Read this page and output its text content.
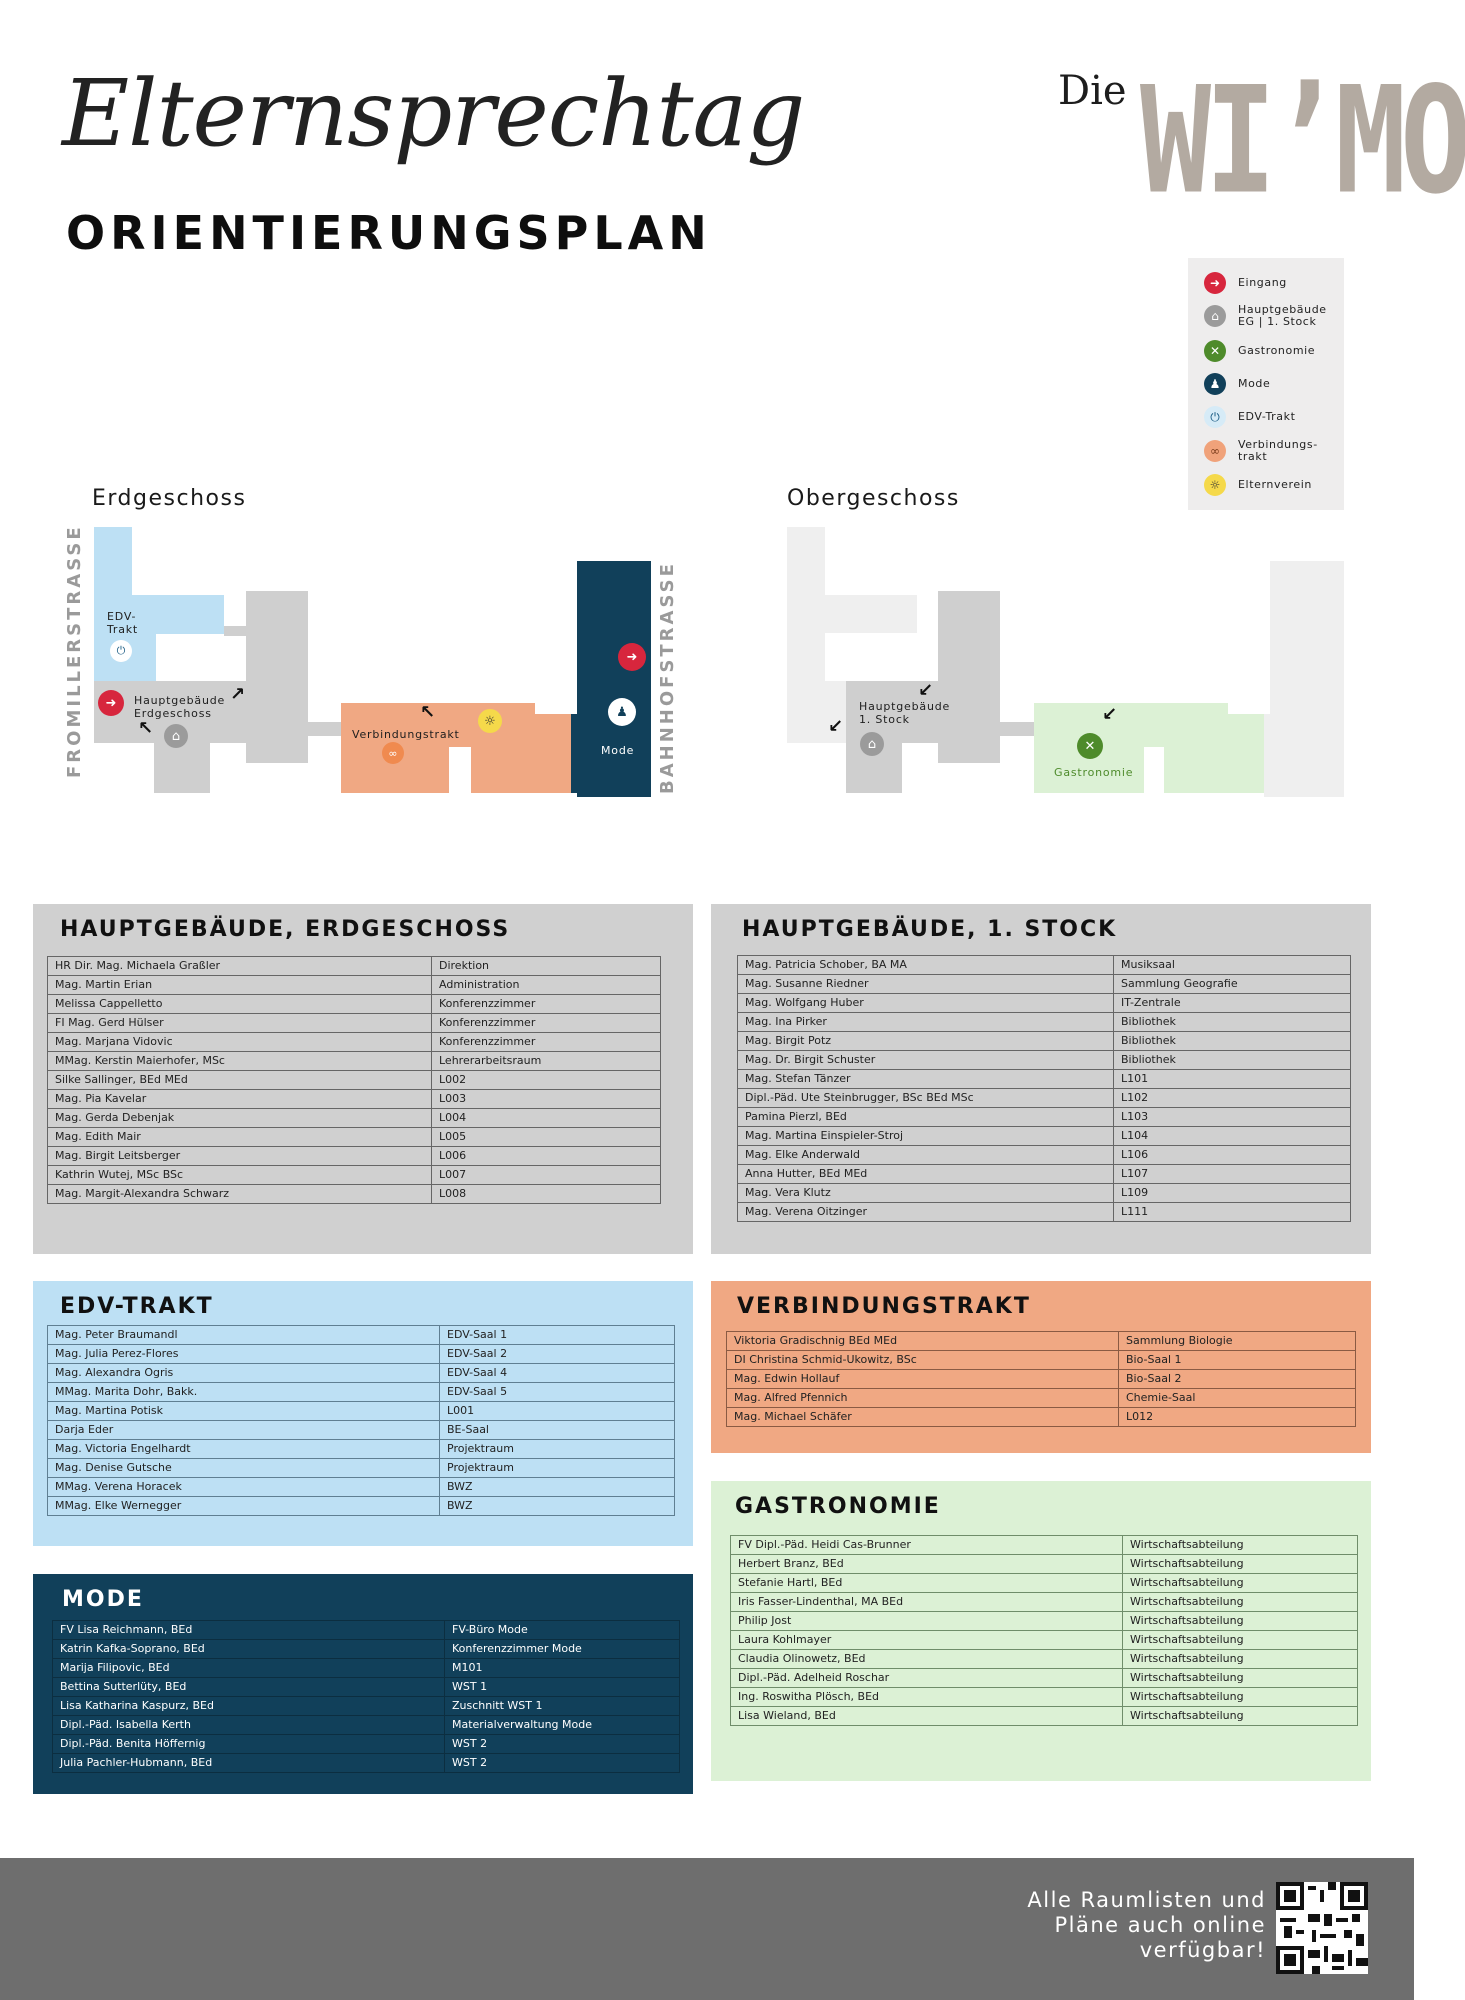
Elternsprechtag
ORIENTIERUNGSPLAN
Die WI’MO
➜	Eingang
⌂	Hauptgebäude
EG | 1. Stock
✕	Gastronomie
♟	Mode
⏻	EDV-Trakt
∞	Verbindungs-
trakt
☼	Elternverein
Erdgeschoss
FROMILLERSTRASSE	BAHNHOFSTRASSE
EDV-
Trakt
⏻
➜	Hauptgebäude
Erdgeschoss
↗
↖	⌂
↖	☼
Verbindungstrakt
∞
➜
♟
Mode
Obergeschoss
↙
Hauptgebäude
1. Stock
↙
⌂
↙
✕
Gastronomie
HAUPTGEBÄUDE, ERDGESCHOSS
HR Dir. Mag. Michaela Graßler	Direktion
Mag. Martin Erian	Administration
Melissa Cappelletto	Konferenzzimmer
FI Mag. Gerd Hülser	Konferenzzimmer
Mag. Marjana Vidovic	Konferenzzimmer
MMag. Kerstin Maierhofer, MSc	Lehrerarbeitsraum
Silke Sallinger, BEd MEd	L002
Mag. Pia Kavelar	L003
Mag. Gerda Debenjak	L004
Mag. Edith Mair	L005
Mag. Birgit Leitsberger	L006
Kathrin Wutej, MSc BSc	L007
Mag. Margit-Alexandra Schwarz	L008
HAUPTGEBÄUDE, 1. STOCK
Mag. Patricia Schober, BA MA	Musiksaal
Mag. Susanne Riedner	Sammlung Geografie
Mag. Wolfgang Huber	IT-Zentrale
Mag. Ina Pirker	Bibliothek
Mag. Birgit Potz	Bibliothek
Mag. Dr. Birgit Schuster	Bibliothek
Mag. Stefan Tänzer	L101
Dipl.-Päd. Ute Steinbrugger, BSc BEd MSc	L102
Pamina Pierzl, BEd	L103
Mag. Martina Einspieler-Stroj	L104
Mag. Elke Anderwald	L106
Anna Hutter, BEd MEd	L107
Mag. Vera Klutz	L109
Mag. Verena Oitzinger	L111
EDV-TRAKT
Mag. Peter Braumandl	EDV-Saal 1
Mag. Julia Perez-Flores	EDV-Saal 2
Mag. Alexandra Ogris	EDV-Saal 4
MMag. Marita Dohr, Bakk.	EDV-Saal 5
Mag. Martina Potisk	L001
Darja Eder	BE-Saal
Mag. Victoria Engelhardt	Projektraum
Mag. Denise Gutsche	Projektraum
MMag. Verena Horacek	BWZ
MMag. Elke Wernegger	BWZ
VERBINDUNGSTRAKT
Viktoria Gradischnig BEd MEd	Sammlung Biologie
DI Christina Schmid-Ukowitz, BSc	Bio-Saal 1
Mag. Edwin Hollauf	Bio-Saal 2
Mag. Alfred Pfennich	Chemie-Saal
Mag. Michael Schäfer	L012
MODE
FV Lisa Reichmann, BEd	FV-Büro Mode
Katrin Kafka-Soprano, BEd	Konferenzzimmer Mode
Marija Filipovic, BEd	M101
Bettina Sutterlüty, BEd	WST 1
Lisa Katharina Kaspurz, BEd	Zuschnitt WST 1
Dipl.-Päd. Isabella Kerth	Materialverwaltung Mode
Dipl.-Päd. Benita Höffernig	WST 2
Julia Pachler-Hubmann, BEd	WST 2
GASTRONOMIE
FV Dipl.-Päd. Heidi Cas-Brunner	Wirtschaftsabteilung
Herbert Branz, BEd	Wirtschaftsabteilung
Stefanie Hartl, BEd	Wirtschaftsabteilung
Iris Fasser-Lindenthal, MA BEd	Wirtschaftsabteilung
Philip Jost	Wirtschaftsabteilung
Laura Kohlmayer	Wirtschaftsabteilung
Claudia Olinowetz, BEd	Wirtschaftsabteilung
Dipl.-Päd. Adelheid Roschar	Wirtschaftsabteilung
Ing. Roswitha Plösch, BEd	Wirtschaftsabteilung
Lisa Wieland, BEd	Wirtschaftsabteilung
Alle Raumlisten und
Pläne auch online
verfügbar!
